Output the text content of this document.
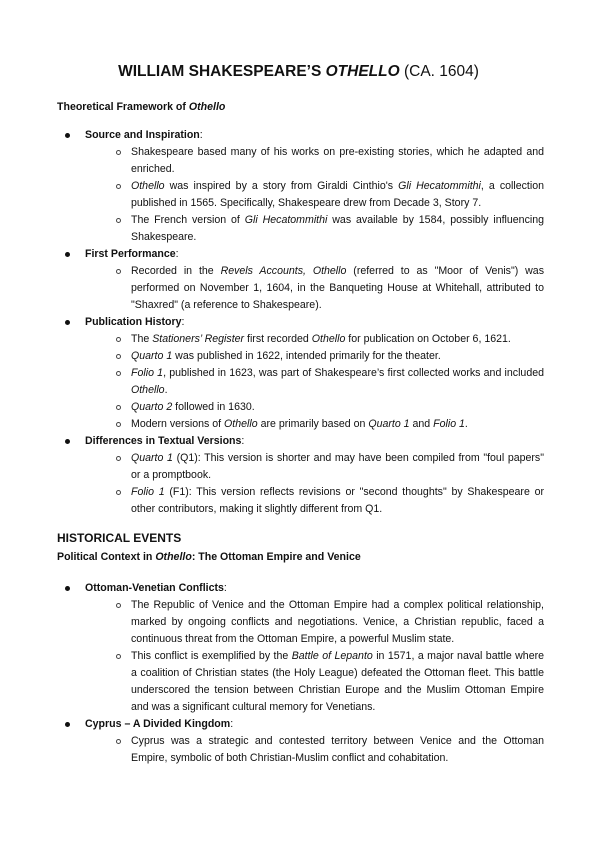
WILLIAM SHAKESPEARE’S OTHELLO (CA. 1604)
Theoretical Framework of Othello
Source and Inspiration:
Shakespeare based many of his works on pre-existing stories, which he adapted and enriched.
Othello was inspired by a story from Giraldi Cinthio's Gli Hecatommithi, a collection published in 1565. Specifically, Shakespeare drew from Decade 3, Story 7.
The French version of Gli Hecatommithi was available by 1584, possibly influencing Shakespeare.
First Performance:
Recorded in the Revels Accounts, Othello (referred to as "Moor of Venis") was performed on November 1, 1604, in the Banqueting House at Whitehall, attributed to "Shaxred" (a reference to Shakespeare).
Publication History:
The Stationers’ Register first recorded Othello for publication on October 6, 1621.
Quarto 1 was published in 1622, intended primarily for the theater.
Folio 1, published in 1623, was part of Shakespeare’s first collected works and included Othello.
Quarto 2 followed in 1630.
Modern versions of Othello are primarily based on Quarto 1 and Folio 1.
Differences in Textual Versions:
Quarto 1 (Q1): This version is shorter and may have been compiled from "foul papers" or a promptbook.
Folio 1 (F1): This version reflects revisions or "second thoughts" by Shakespeare or other contributors, making it slightly different from Q1.
HISTORICAL EVENTS
Political Context in Othello: The Ottoman Empire and Venice
Ottoman-Venetian Conflicts:
The Republic of Venice and the Ottoman Empire had a complex political relationship, marked by ongoing conflicts and negotiations. Venice, a Christian republic, faced a continuous threat from the Ottoman Empire, a powerful Muslim state.
This conflict is exemplified by the Battle of Lepanto in 1571, a major naval battle where a coalition of Christian states (the Holy League) defeated the Ottoman fleet. This battle underscored the tension between Christian Europe and the Muslim Ottoman Empire and was a significant cultural memory for Venetians.
Cyprus – A Divided Kingdom:
Cyprus was a strategic and contested territory between Venice and the Ottoman Empire, symbolic of both Christian-Muslim conflict and cohabitation.
